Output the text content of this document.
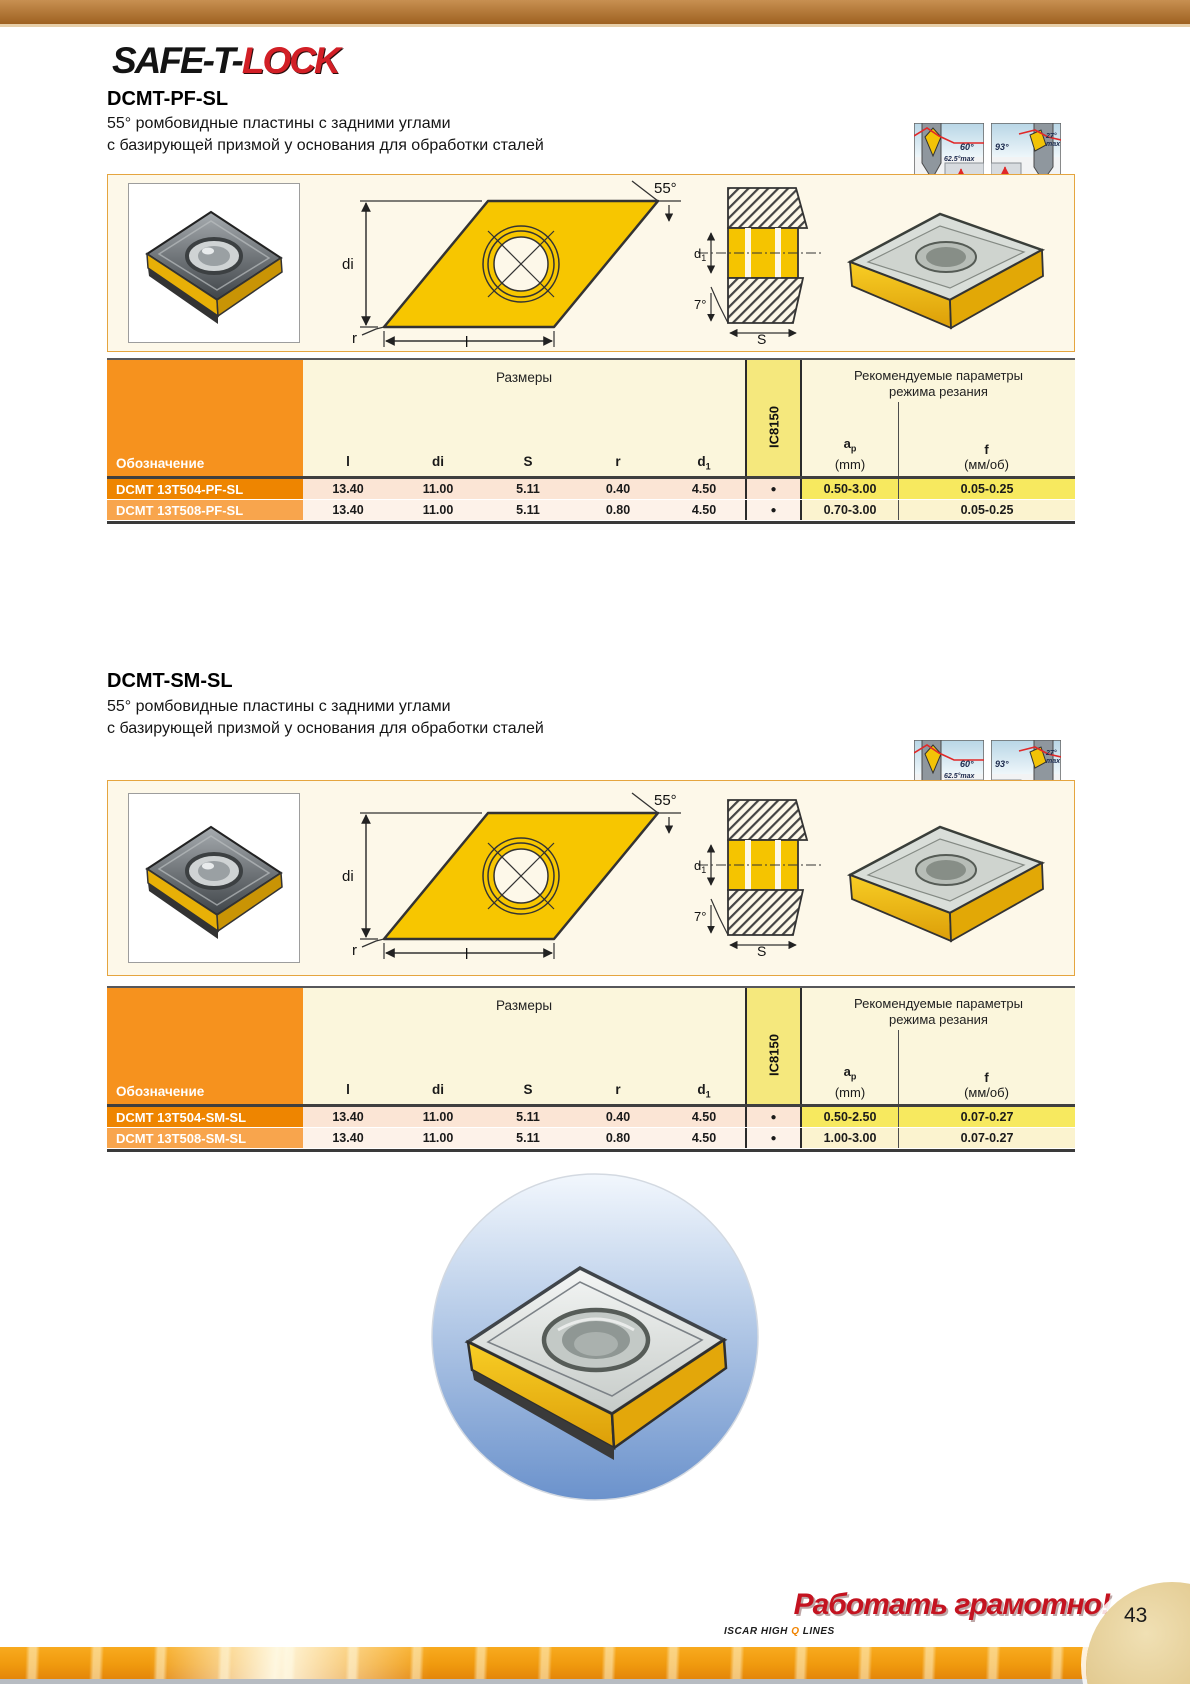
SAFE-T-LOCK
DCMT-PF-SL
55° ромбовидные пластины с задними углами
с базирующей призмой у основания для обработки сталей	60°
62.5°max
93°
27°
max
di
l
r
55°
$d_1$
7°
S
Обозначение
Размеры
l	di	S	r	$d_1$
IC8150
Рекомендуемые параметры
режима резания
$a_p$
(mm)
f
(мм/об)
DCMT 13T504-PF-SL	13.40	11.00	5.11	0.40	4.50	●	0.50-3.00	0.05-0.25
DCMT 13T508-PF-SL	13.40	11.00	5.11	0.80	4.50	●	0.70-3.00	0.05-0.25
DCMT-SM-SL
55° ромбовидные пластины с задними углами
с базирующей призмой у основания для обработки сталей
60°
62.5°max
93°
27°
max
di
l
r
55°
$d_1$
7°
S
Обозначение
Размеры
l	di	S	r	$d_1$
IC8150
Рекомендуемые параметры
режима резания
$a_p$
(mm)
f
(мм/об)
DCMT 13T504-SM-SL	13.40	11.00	5.11	0.40	4.50	●	0.50-2.50	0.07-0.27
DCMT 13T508-SM-SL	13.40	11.00	5.11	0.80	4.50	●	1.00-3.00	0.07-0.27
Работать грамотно!
ISCAR HIGH Q LINES
43
